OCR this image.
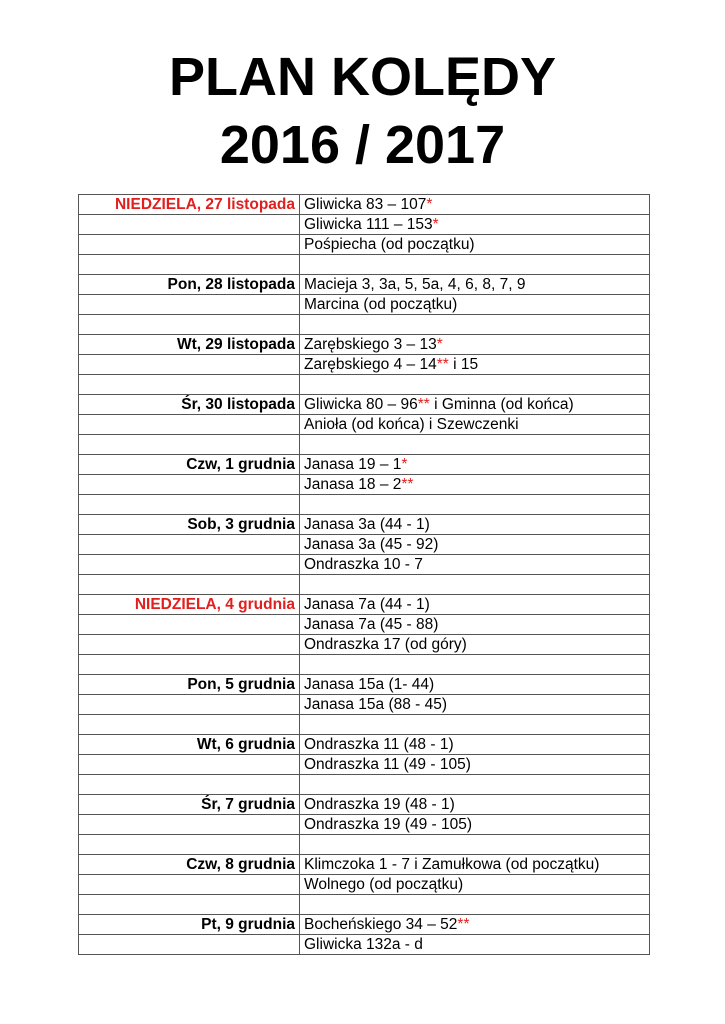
PLAN KOLĘDY
2016 / 2017
NIEDZIELA, 27 listopada	Gliwicka 83 – 107*
	Gliwicka 111 – 153*
	Pośpiecha (od początku)

Pon, 28 listopada	Macieja 3, 3a, 5, 5a, 4, 6, 8, 7, 9
	Marcina (od początku)

Wt, 29 listopada	Zarębskiego 3 – 13*
	Zarębskiego 4 – 14** i 15

Śr, 30 listopada	Gliwicka 80 – 96** i Gminna (od końca)
	Anioła (od końca) i Szewczenki

Czw, 1 grudnia	Janasa 19 – 1*
	Janasa 18 – 2**

Sob, 3 grudnia	Janasa 3a (44 - 1)
	Janasa 3a (45 - 92)
	Ondraszka 10 - 7

NIEDZIELA, 4 grudnia	Janasa 7a (44 - 1)
	Janasa 7a (45 - 88)
	Ondraszka 17 (od góry)

Pon, 5 grudnia	Janasa 15a (1- 44)
	Janasa 15a (88 - 45)

Wt, 6 grudnia	Ondraszka 11 (48 - 1)
	Ondraszka 11 (49 - 105)

Śr, 7 grudnia	Ondraszka 19 (48 - 1)
	Ondraszka 19 (49 - 105)

Czw, 8 grudnia	Klimczoka 1 - 7 i Zamułkowa (od początku)
	Wolnego (od początku)

Pt, 9 grudnia	Bocheńskiego 34 – 52**
	Gliwicka 132a - d
